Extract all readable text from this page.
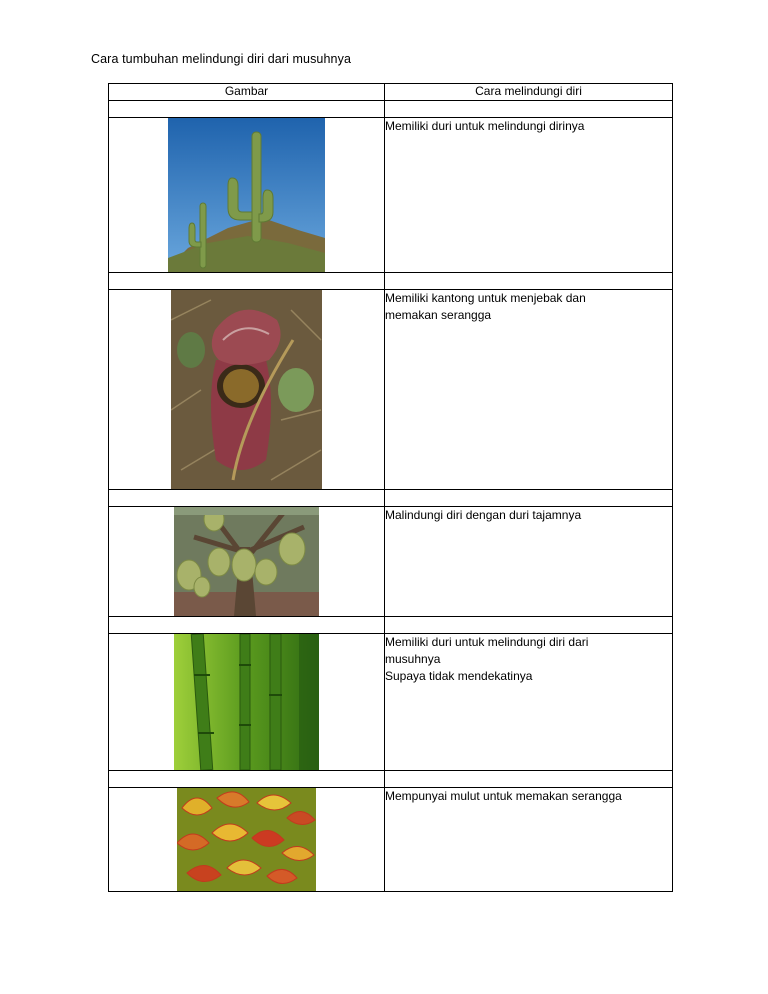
Cara tumbuhan melindungi diri dari musuhnya
Gambar	Cara melindungi diri

Memiliki duri untuk melindungi dirinya

Memiliki kantong untuk menjebak dan
memakan serangga

Malindungi diri dengan duri tajamnya

Memiliki duri untuk melindungi diri dari
musuhnya
Supaya tidak mendekatinya

Mempunyai mulut untuk memakan serangga
